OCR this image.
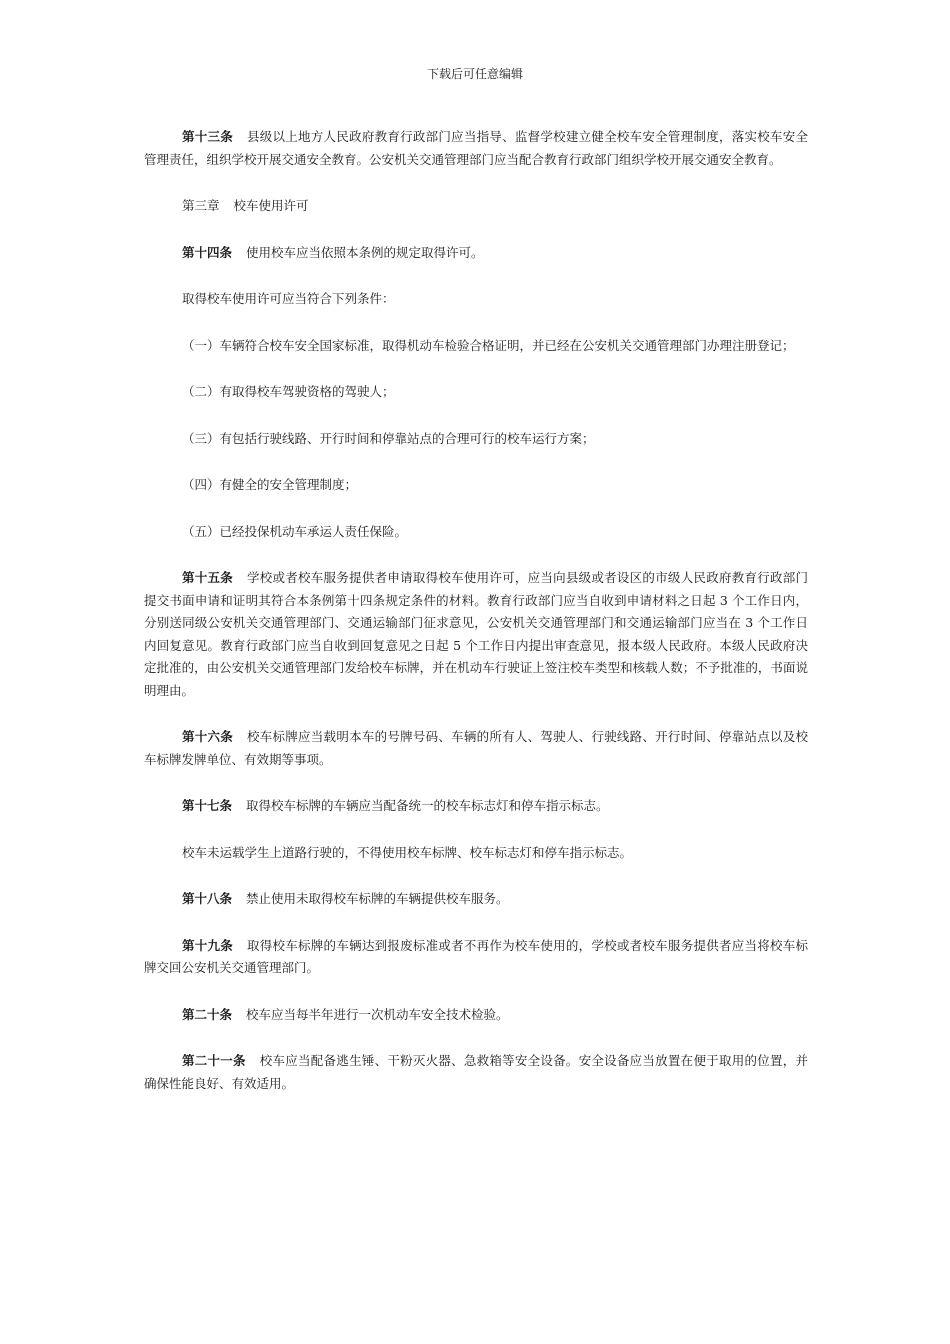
下载后可任意编辑

第十三条 县级以上地方人民政府教育行政部门应当指导、监督学校建立健全校车安全管理制度，落实校车安全管理责任，组织学校开展交通安全教育。公安机关交通管理部门应当配合教育行政部门组织学校开展交通安全教育。

第三章 校车使用许可

第十四条 使用校车应当依照本条例的规定取得许可。

取得校车使用许可应当符合下列条件：

（一）车辆符合校车安全国家标准，取得机动车检验合格证明，并已经在公安机关交通管理部门办理注册登记；

（二）有取得校车驾驶资格的驾驶人；

（三）有包括行驶线路、开行时间和停靠站点的合理可行的校车运行方案；

（四）有健全的安全管理制度；

（五）已经投保机动车承运人责任保险。

第十五条 学校或者校车服务提供者申请取得校车使用许可，应当向县级或者设区的市级人民政府教育行政部门提交书面申请和证明其符合本条例第十四条规定条件的材料。教育行政部门应当自收到申请材料之日起 3 个工作日内，分别送同级公安机关交通管理部门、交通运输部门征求意见，公安机关交通管理部门和交通运输部门应当在 3 个工作日内回复意见。教育行政部门应当自收到回复意见之日起 5 个工作日内提出审查意见，报本级人民政府。本级人民政府决定批准的，由公安机关交通管理部门发给校车标牌，并在机动车行驶证上签注校车类型和核载人数；不予批准的，书面说明理由。

第十六条 校车标牌应当载明本车的号牌号码、车辆的所有人、驾驶人、行驶线路、开行时间、停靠站点以及校车标牌发牌单位、有效期等事项。

第十七条 取得校车标牌的车辆应当配备统一的校车标志灯和停车指示标志。

校车未运载学生上道路行驶的，不得使用校车标牌、校车标志灯和停车指示标志。

第十八条 禁止使用未取得校车标牌的车辆提供校车服务。

第十九条 取得校车标牌的车辆达到报废标准或者不再作为校车使用的，学校或者校车服务提供者应当将校车标牌交回公安机关交通管理部门。

第二十条 校车应当每半年进行一次机动车安全技术检验。

第二十一条 校车应当配备逃生锤、干粉灭火器、急救箱等安全设备。安全设备应当放置在便于取用的位置，并确保性能良好、有效适用。
